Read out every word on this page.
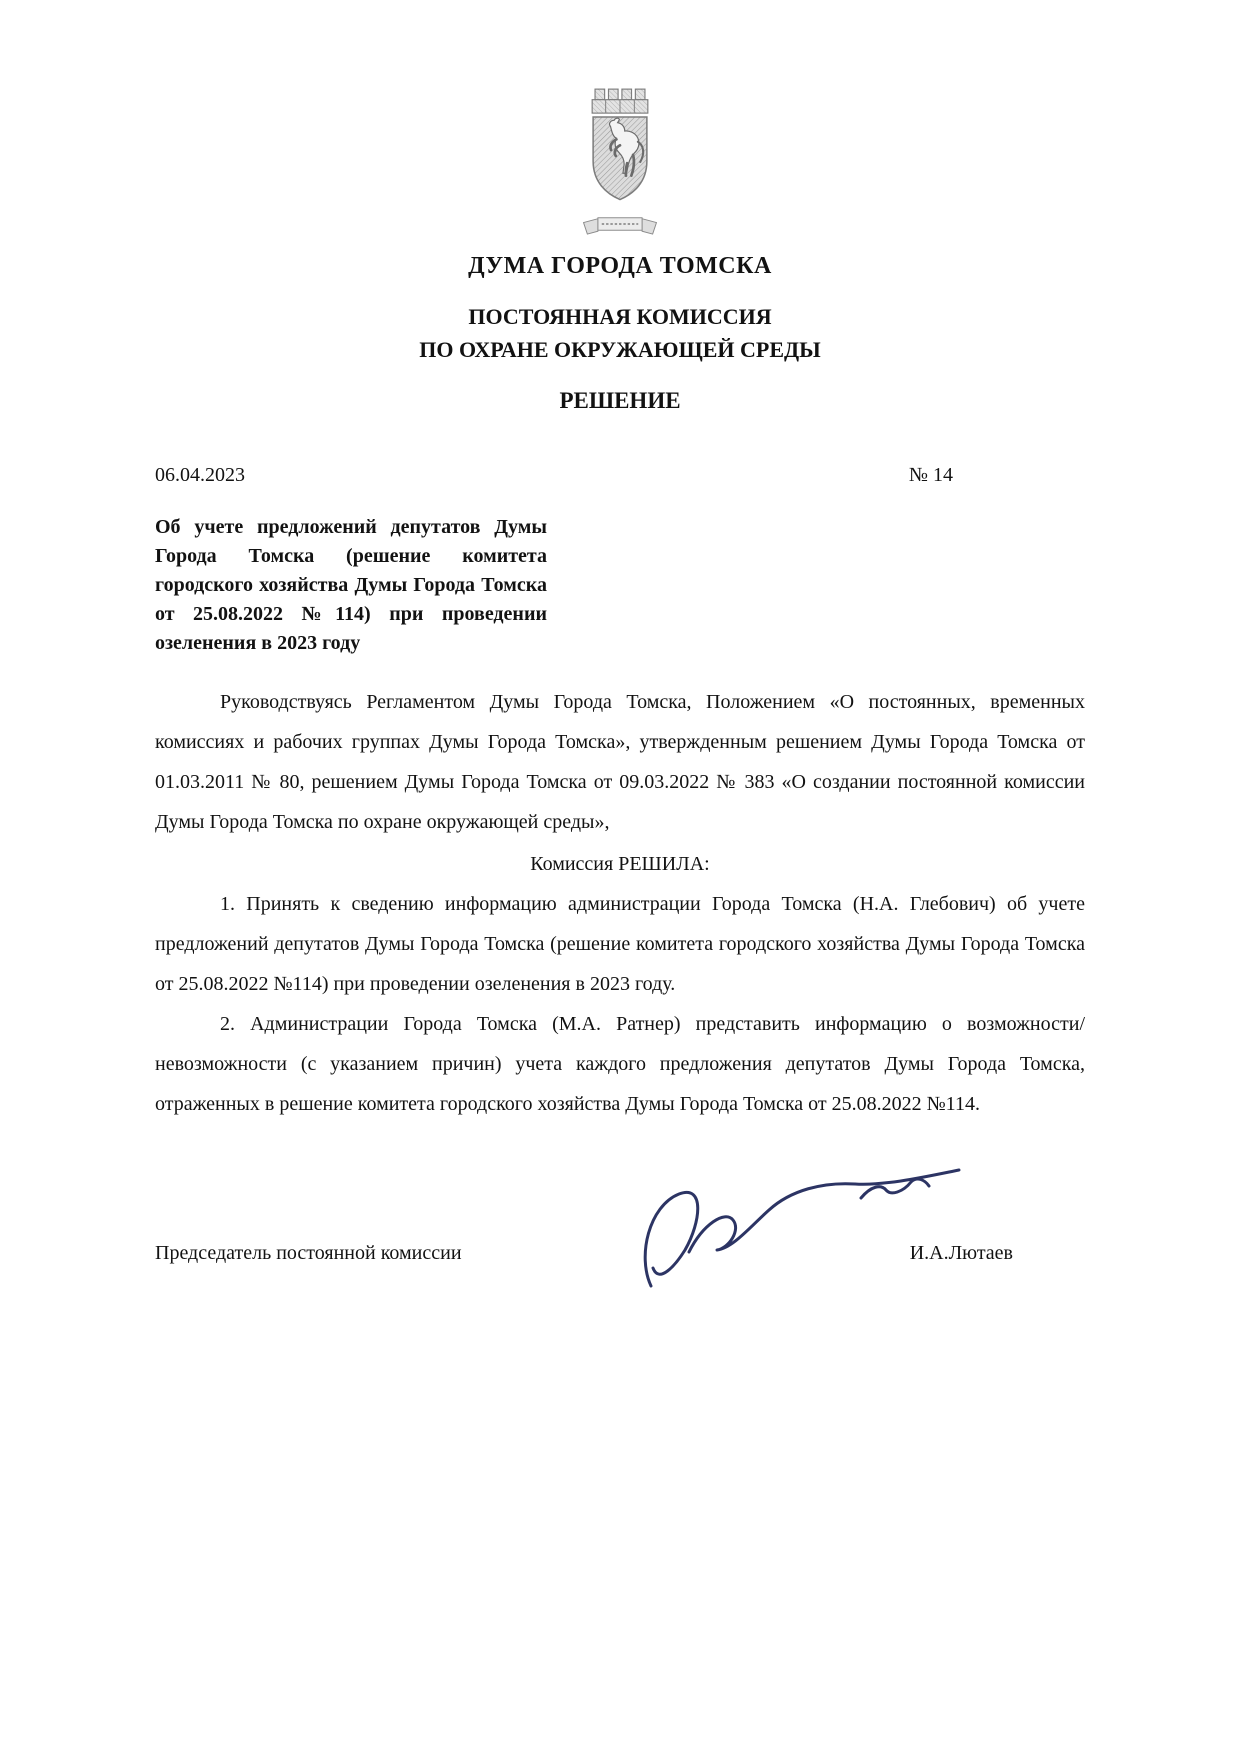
ДУМА ГОРОДА ТОМСКА
ПОСТОЯННАЯ КОМИССИЯ
ПО ОХРАНЕ ОКРУЖАЮЩЕЙ СРЕДЫ
РЕШЕНИЕ
06.04.2023	№ 14
Об учете предложений депутатов Думы Города Томска (решение комитета городского хозяйства Думы Города Томска от 25.08.2022 №114) при проведении озеленения в 2023 году

Руководствуясь Регламентом Думы Города Томска, Положением «О постоянных, временных комиссиях и рабочих группах Думы Города Томска», утвержденным решением Думы Города Томска от 01.03.2011 № 80, решением Думы Города Томска от 09.03.2022 № 383 «О создании постоянной комиссии Думы Города Томска по охране окружающей среды»,

Комиссия РЕШИЛА:

1. Принять к сведению информацию администрации Города Томска (Н.А. Глебович) об учете предложений депутатов Думы Города Томска (решение комитета городского хозяйства Думы Города Томска от 25.08.2022 №114) при проведении озеленения в 2023 году.

2. Администрации Города Томска (М.А. Ратнер) представить информацию о возможности/невозможности (с указанием причин) учета каждого предложения депутатов Думы Города Томска, отраженных в решение комитета городского хозяйства Думы Города Томска от 25.08.2022 №114.

Председатель постоянной комиссии	И.А.Лютаев
